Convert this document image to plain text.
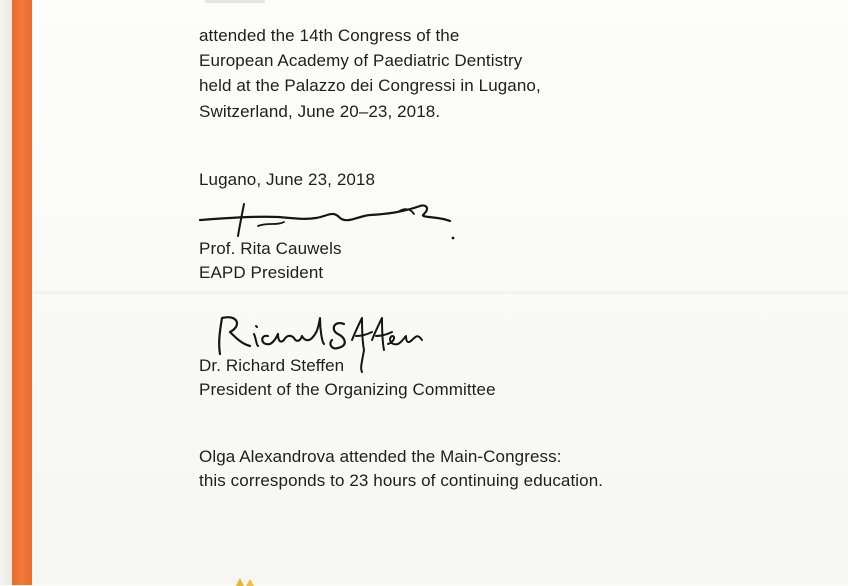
attended the 14th Congress of the
European Academy of Paediatric Dentistry
held at the Palazzo dei Congressi in Lugano,
Switzerland, June 20–23, 2018.
Lugano, June 23, 2018
Prof. Rita Cauwels
EAPD President
Dr. Richard Steffen
President of the Organizing Committee
Olga Alexandrova attended the Main-Congress:
this corresponds to 23 hours of continuing education.
